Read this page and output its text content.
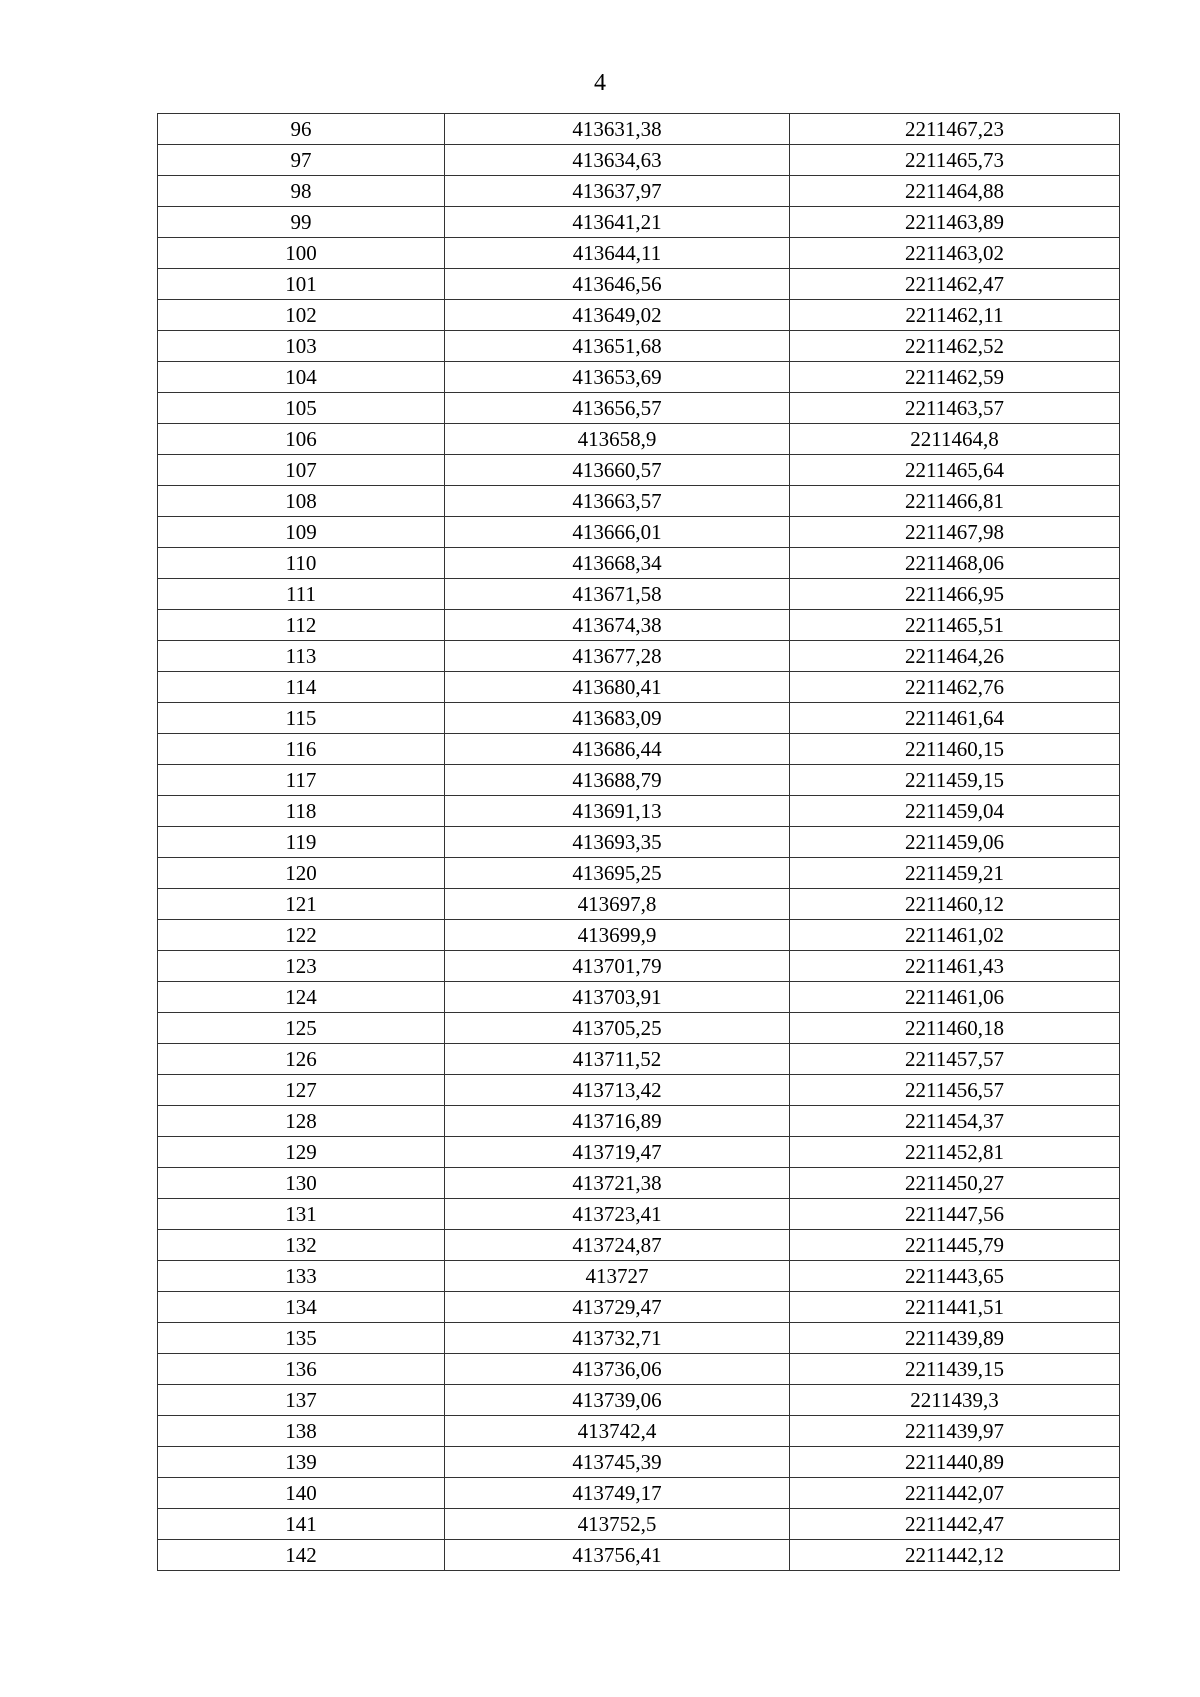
4
96	413631,38	2211467,23
97	413634,63	2211465,73
98	413637,97	2211464,88
99	413641,21	2211463,89
100	413644,11	2211463,02
101	413646,56	2211462,47
102	413649,02	2211462,11
103	413651,68	2211462,52
104	413653,69	2211462,59
105	413656,57	2211463,57
106	413658,9	2211464,8
107	413660,57	2211465,64
108	413663,57	2211466,81
109	413666,01	2211467,98
110	413668,34	2211468,06
111	413671,58	2211466,95
112	413674,38	2211465,51
113	413677,28	2211464,26
114	413680,41	2211462,76
115	413683,09	2211461,64
116	413686,44	2211460,15
117	413688,79	2211459,15
118	413691,13	2211459,04
119	413693,35	2211459,06
120	413695,25	2211459,21
121	413697,8	2211460,12
122	413699,9	2211461,02
123	413701,79	2211461,43
124	413703,91	2211461,06
125	413705,25	2211460,18
126	413711,52	2211457,57
127	413713,42	2211456,57
128	413716,89	2211454,37
129	413719,47	2211452,81
130	413721,38	2211450,27
131	413723,41	2211447,56
132	413724,87	2211445,79
133	413727	2211443,65
134	413729,47	2211441,51
135	413732,71	2211439,89
136	413736,06	2211439,15
137	413739,06	2211439,3
138	413742,4	2211439,97
139	413745,39	2211440,89
140	413749,17	2211442,07
141	413752,5	2211442,47
142	413756,41	2211442,12
